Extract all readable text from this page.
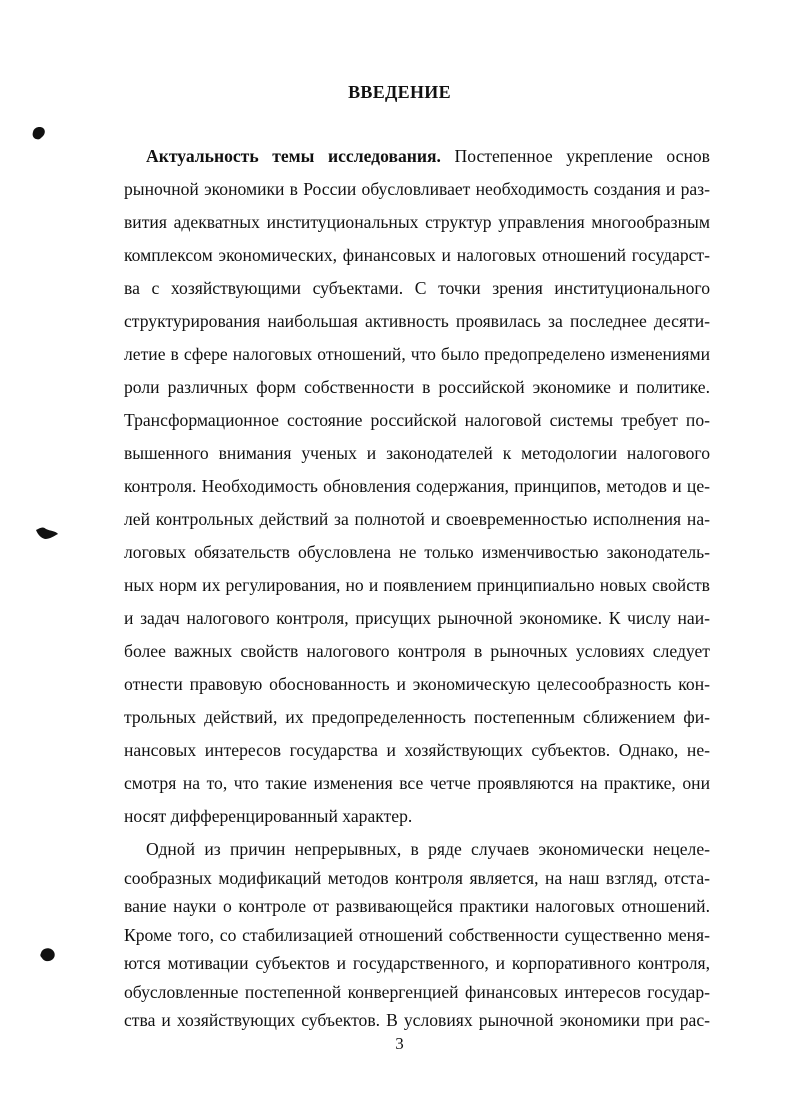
ВВЕДЕНИЕ
Актуальность темы исследования. Постепенное укрепление основ
рыночной экономики в России обусловливает необходимость создания и раз-
вития адекватных институциональных структур управления многообразным
комплексом экономических, финансовых и налоговых отношений государст-
ва с хозяйствующими субъектами. С точки зрения институционального
структурирования наибольшая активность проявилась за последнее десяти-
летие в сфере налоговых отношений, что было предопределено изменениями
роли различных форм собственности в российской экономике и политике.
Трансформационное состояние российской налоговой системы требует по-
вышенного внимания ученых и законодателей к методологии налогового
контроля. Необходимость обновления содержания, принципов, методов и це-
лей контрольных действий за полнотой и своевременностью исполнения на-
логовых обязательств обусловлена не только изменчивостью законодатель-
ных норм их регулирования, но и появлением принципиально новых свойств
и задач налогового контроля, присущих рыночной экономике. К числу наи-
более важных свойств налогового контроля в рыночных условиях следует
отнести правовую обоснованность и экономическую целесообразность кон-
трольных действий, их предопределенность постепенным сближением фи-
нансовых интересов государства и хозяйствующих субъектов. Однако, не-
смотря на то, что такие изменения все четче проявляются на практике, они
носят дифференцированный характер.
Одной из причин непрерывных, в ряде случаев экономически нецеле-
сообразных модификаций методов контроля является, на наш взгляд, отста-
вание науки о контроле от развивающейся практики налоговых отношений.
Кроме того, со стабилизацией отношений собственности существенно меня-
ются мотивации субъектов и государственного, и корпоративного контроля,
обусловленные постепенной конвергенцией финансовых интересов государ-
3
ства и хозяйствующих субъектов. В условиях рыночной экономики при рас-
